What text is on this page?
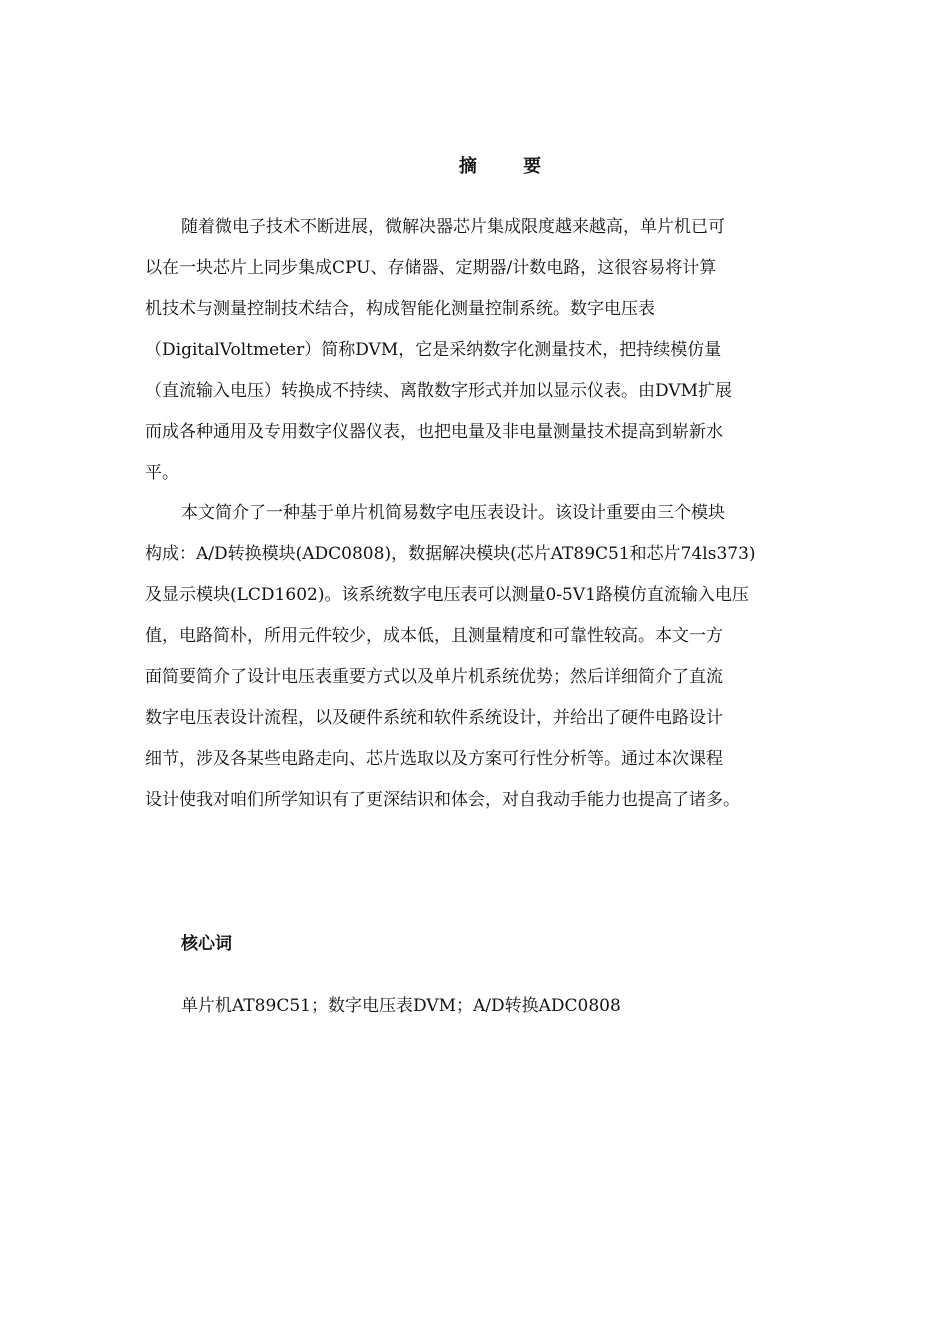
摘 要
随着微电子技术不断进展，微解决器芯片集成限度越来越高，单片机已可
以在一块芯片上同步集成CPU、存储器、定期器/计数电路，这很容易将计算
机技术与测量控制技术结合，构成智能化测量控制系统。数字电压表
（DigitalVoltmeter）简称DVM，它是采纳数字化测量技术，把持续模仿量
（直流输入电压）转换成不持续、离散数字形式并加以显示仪表。由DVM扩展
而成各种通用及专用数字仪器仪表，也把电量及非电量测量技术提高到崭新水
平。
本文简介了一种基于单片机简易数字电压表设计。该设计重要由三个模块
构成：A/D转换模块(ADC0808)，数据解决模块(芯片AT89C51和芯片74ls373)
及显示模块(LCD1602)。该系统数字电压表可以测量0-5V1路模仿直流输入电压
值，电路简朴，所用元件较少，成本低，且测量精度和可靠性较高。本文一方
面简要简介了设计电压表重要方式以及单片机系统优势；然后详细简介了直流
数字电压表设计流程，以及硬件系统和软件系统设计，并给出了硬件电路设计
细节，涉及各某些电路走向、芯片选取以及方案可行性分析等。通过本次课程
设计使我对咱们所学知识有了更深结识和体会，对自我动手能力也提高了诸多。
核心词
单片机AT89C51；数字电压表DVM；A/D转换ADC0808
